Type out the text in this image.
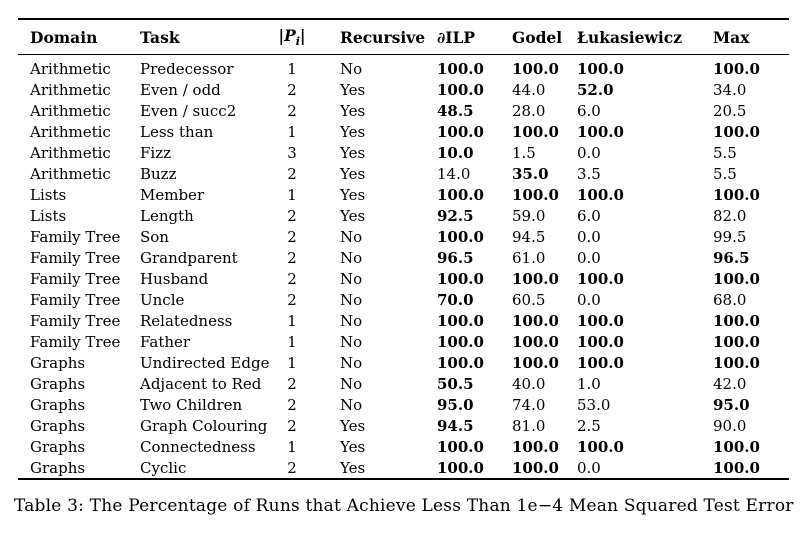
Domain	Task	$|P_i|$	Recursive	∂ILP	Godel	Łukasiewicz	Max
Arithmetic	Predecessor	1	No	100.0	100.0	100.0	100.0
Arithmetic	Even / odd	2	Yes	100.0	44.0	52.0	34.0
Arithmetic	Even / succ2	2	Yes	48.5	28.0	6.0	20.5
Arithmetic	Less than	1	Yes	100.0	100.0	100.0	100.0
Arithmetic	Fizz	3	Yes	10.0	1.5	0.0	5.5
Arithmetic	Buzz	2	Yes	14.0	35.0	3.5	5.5
Lists	Member	1	Yes	100.0	100.0	100.0	100.0
Lists	Length	2	Yes	92.5	59.0	6.0	82.0
Family Tree	Son	2	No	100.0	94.5	0.0	99.5
Family Tree	Grandparent	2	No	96.5	61.0	0.0	96.5
Family Tree	Husband	2	No	100.0	100.0	100.0	100.0
Family Tree	Uncle	2	No	70.0	60.5	0.0	68.0
Family Tree	Relatedness	1	No	100.0	100.0	100.0	100.0
Family Tree	Father	1	No	100.0	100.0	100.0	100.0
Graphs	Undirected Edge	1	No	100.0	100.0	100.0	100.0
Graphs	Adjacent to Red	2	No	50.5	40.0	1.0	42.0
Graphs	Two Children	2	No	95.0	74.0	53.0	95.0
Graphs	Graph Colouring	2	Yes	94.5	81.0	2.5	90.0
Graphs	Connectedness	1	Yes	100.0	100.0	100.0	100.0
Graphs	Cyclic	2	Yes	100.0	100.0	0.0	100.0
Table 3: The Percentage of Runs that Achieve Less Than 1e−4 Mean Squared Test Error
